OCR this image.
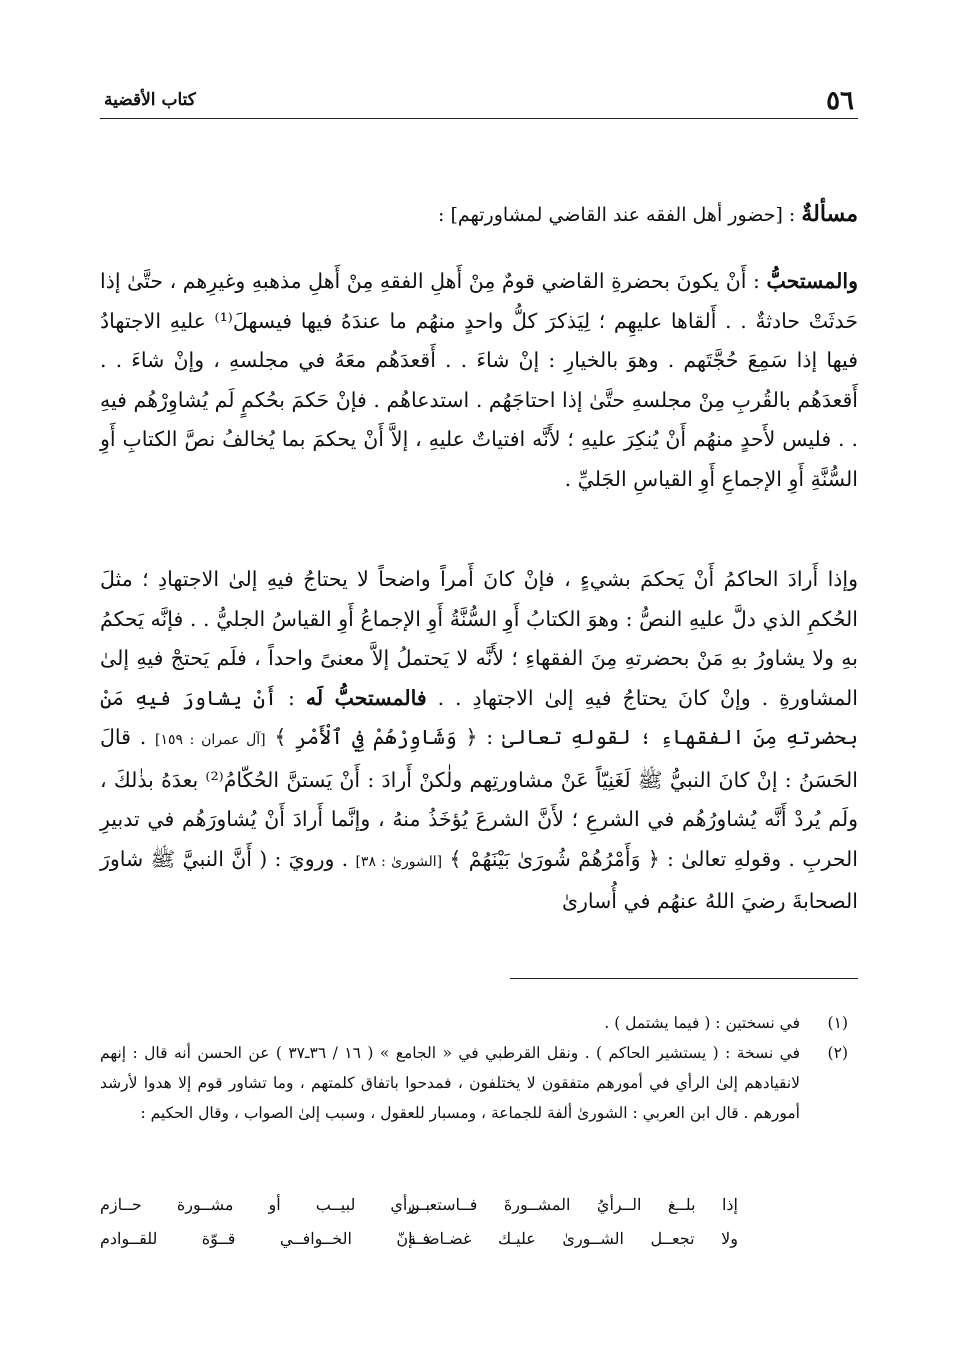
٥٦
كتاب الأقضية
مسألةٌ : [حضور أهل الفقه عند القاضي لمشاورتهم] :
والمستحبُّ : أَنْ يكونَ بحضرةِ القاضي قومٌ مِنْ أَهلِ الفقهِ مِنْ أَهلِ مذهبهِ وغيرِهم ، حتَّىٰ إذا حَدثَتْ حادثةٌ . . أَلقاها عليهِم ؛ لِيَذكرَ كلُّ واحدٍ منهُم ما عندَهُ فيها فيسهلَ⁽¹⁾ عليهِ الاجتهادُ فيها إذا سَمِعَ حُجَّتَهم . وهوَ بالخيارِ : إنْ شاءَ . . أَقعدَهُم معَهُ في مجلسهِ ، وإنْ شاءَ . . أَقعدَهُم بالقُربِ مِنْ مجلسهِ حتَّىٰ إذا احتاجَهُم . استدعاهُم . فإنْ حَكمَ بحُكمٍ لَم يُشاوِرْهُم فيهِ . . فليس لأَحدٍ منهُم أَنْ يُنكِرَ عليهِ ؛ لأَنَّه افتياتٌ عليهِ ، إلاَّ أَنْ يحكمَ بما يُخالفُ نصَّ الكتابِ أَوِ السُّنَّةِ أَوِ الإجماعِ أَوِ القياسِ الجَليِّ .
وإذا أَرادَ الحاكمُ أَنْ يَحكمَ بشيءٍ ، فإنْ كانَ أَمراً واضحاً لا يحتاجُ فيهِ إلىٰ الاجتهادِ ؛ مثلَ الحُكمِ الذي دلَّ عليهِ النصُّ : وهوَ الكتابُ أَوِ السُّنَّةُ أَوِ الإجماعُ أَوِ القياسُ الجليُّ . . فإنَّه يَحكمُ بهِ ولا يشاورُ بهِ مَنْ بحضرتهِ مِنَ الفقهاءِ ؛ لأَنَّه لا يَحتملُ إلاَّ معنىً واحداً ، فلَم يَحتجْ فيهِ إلىٰ المشاورةِ . وإنْ كانَ يحتاجُ فيهِ إلىٰ الاجتهادِ . . فالمستحبُّ لَه : أَنْ يشاورَ فيهِ مَنْ بحضرتهِ مِنَ الفقهاءِ ؛ لقولهِ تعالىٰ : ﴿ وَشَاوِرْهُمْ فِي ٱلْأَمْرِ ﴾ [آل عمران : ١٥٩] . قالَ الحَسَنُ : إنْ كانَ النبيُّ ﷺ لَغَنِيّاً عَنْ مشاورتِهم ولٰكنْ أَرادَ : أَنْ يَستنَّ الحُكّامُ⁽²⁾ بعدَهُ بذٰلكَ ، ولَم يُردْ أَنَّه يُشاورُهُم في الشرعِ ؛ لأَنَّ الشرعَ يُؤخَذُ منهُ ، وإنَّما أَرادَ أَنْ يُشاورَهُم في تدبيرِ الحربِ . وقولهِ تعالىٰ : ﴿ وَأَمْرُهُمْ شُورَىٰ بَيْنَهُمْ ﴾ [الشورىٰ : ٣٨] . ورويَ : ( أَنَّ النبيَّ ﷺ شاورَ الصحابةَ رضيَ اللهُ عنهُم في أُسارىٰ
(١)
في نسختين : ( فيما يشتمل ) .
(٢)
في نسخة : ( يستشير الحاكم ) . ونقل القرطبي في « الجامع » ( ١٦ / ٣٦ـ٣٧ ) عن الحسن أنه قال : إنهم لانقيادهم إلىٰ الرأي في أمورهم متفقون لا يختلفون ، فمدحوا باتفاق كلمتهم ، وما تشاور قوم إلا هدوا لأرشد أمورهم . قال ابن العربي : الشورىٰ ألفة للجماعة ، ومسبار للعقول ، وسبب إلىٰ الصواب ، وقال الحكيم :
إذا بلــغ الــرأيُ المشــورةَ فــاستعــن
بــرأي لبيــب أو مشــورة حــازم
ولا تجعــل الشــورىٰ عليـك غضـاضــة
فــإنّ الخــوافــي قــوّة للقــوادم
